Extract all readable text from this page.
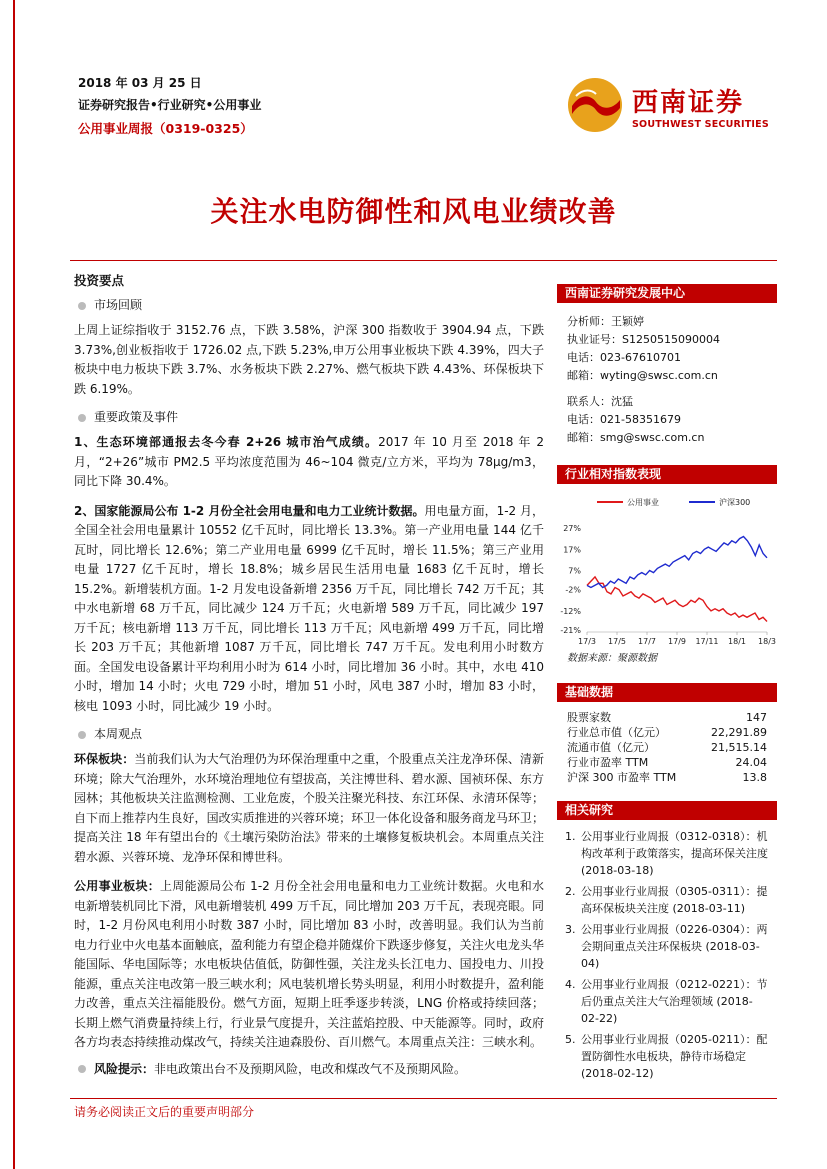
2018 年 03 月 25 日
证券研究报告•行业研究•公用事业
公用事业周报（0319-0325）
西南证券
SOUTHWEST SECURITIES
关注水电防御性和风电业绩改善
投资要点
市场回顾

上周上证综指收于 3152.76 点，下跌 3.58%，沪深 300 指数收于 3904.94 点，下跌 3.73%,创业板指收于 1726.02 点,下跌 5.23%,申万公用事业板块下跌 4.39%，四大子板块中电力板块下跌 3.7%、水务板块下跌 2.27%、燃气板块下跌 4.43%、环保板块下跌 6.19%。

重要政策及事件

1、生态环境部通报去冬今春 2+26 城市治气成绩。2017 年 10 月至 2018 年 2 月，“2+26”城市 PM2.5 平均浓度范围为 46~104 微克/立方米，平均为 78μg/m3，同比下降 30.4%。

2、国家能源局公布 1-2 月份全社会用电量和电力工业统计数据。用电量方面，1-2 月，全国全社会用电量累计 10552 亿千瓦时，同比增长 13.3%。第一产业用电量 144 亿千瓦时，同比增长 12.6%；第二产业用电量 6999 亿千瓦时，增长 11.5%；第三产业用电量 1727 亿千瓦时，增长 18.8%；城乡居民生活用电量 1683 亿千瓦时，增长 15.2%。新增装机方面。1-2 月发电设备新增 2356 万千瓦，同比增长 742 万千瓦；其中水电新增 68 万千瓦，同比减少 124 万千瓦；火电新增 589 万千瓦，同比减少 197 万千瓦；核电新增 113 万千瓦，同比增长 113 万千瓦；风电新增 499 万千瓦，同比增长 203 万千瓦；其他新增 1087 万千瓦，同比增长 747 万千瓦。发电利用小时数方面。全国发电设备累计平均利用小时为 614 小时，同比增加 36 小时。其中，水电 410 小时，增加 14 小时；火电 729 小时，增加 51 小时，风电 387 小时，增加 83 小时，核电 1093 小时，同比减少 19 小时。

本周观点

环保板块：当前我们认为大气治理仍为环保治理重中之重，个股重点关注龙净环保、清新环境；除大气治理外，水环境治理地位有望拔高，关注博世科、碧水源、国祯环保、东方园林；其他板块关注监测检测、工业危废，个股关注聚光科技、东江环保、永清环保等；自下而上推荐内生良好，国改实质推进的兴蓉环境；环卫一体化设备和服务商龙马环卫；提高关注 18 年有望出台的《土壤污染防治法》带来的土壤修复板块机会。本周重点关注碧水源、兴蓉环境、龙净环保和博世科。

公用事业板块：上周能源局公布 1-2 月份全社会用电量和电力工业统计数据。火电和水电新增装机同比下滑，风电新增装机 499 万千瓦，同比增加 203 万千瓦，表现亮眼。同时，1-2 月份风电利用小时数 387 小时，同比增加 83 小时，改善明显。我们认为当前电力行业中火电基本面触底，盈利能力有望企稳并随煤价下跌逐步修复，关注火电龙头华能国际、华电国际等；水电板块估值低，防御性强，关注龙头长江电力、国投电力、川投能源，重点关注电改第一股三峡水利；风电装机增长势头明显，利用小时数提升，盈利能力改善，重点关注福能股份。燃气方面，短期上旺季逐步转淡，LNG 价格或持续回落；长期上燃气消费量持续上行，行业景气度提升，关注蓝焰控股、中天能源等。同时，政府各方均表态持续推动煤改气，持续关注迪森股份、百川燃气。本周重点关注：三峡水利。

风险提示：非电政策出台不及预期风险，电改和煤改气不及预期风险。
西南证券研究发展中心
分析师：王颖婷
执业证号：S1250515090004
电话：023-67610701
邮箱：wyting@swsc.com.cn
联系人：沈猛
电话：021-58351679
邮箱：smg@swsc.com.cn
行业相对指数表现
公用事业	沪深300
27%
17%
7%
-2%
-12%
-21%
17/3 17/5 17/7 17/9 17/11 18/1 18/3
数据来源：聚源数据
基础数据
股票家数	147
行业总市值（亿元）	22,291.89
流通市值（亿元）	21,515.14
行业市盈率 TTM	24.04
沪深 300 市盈率 TTM	13.8
相关研究
1. 公用事业行业周报（0312-0318）：机构改革利于政策落实，提高环保关注度 (2018-03-18)
2. 公用事业行业周报（0305-0311）：提高环保板块关注度 (2018-03-11)
3. 公用事业行业周报（0226-0304）：两会期间重点关注环保板块 (2018-03-04)
4. 公用事业行业周报（0212-0221）：节后仍重点关注大气治理领域 (2018-02-22)
5. 公用事业行业周报（0205-0211）：配置防御性水电板块，静待市场稳定 (2018-02-12)
请务必阅读正文后的重要声明部分
